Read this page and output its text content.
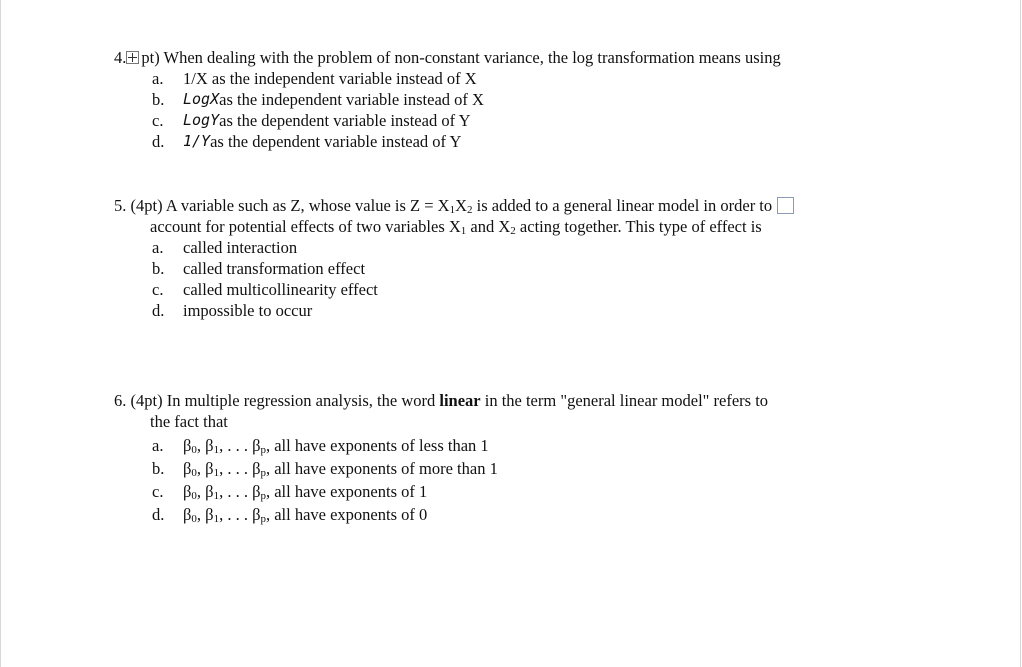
4. pt) When dealing with the problem of non-constant variance, the log transformation means using
a.	1/X as the independent variable instead of X
b.	LogX as the independent variable instead of X
c.	LogY as the dependent variable instead of Y
d.	1/Y as the dependent variable instead of Y
5. (4pt) A variable such as Z, whose value is $Z = X_1X_2$ is added to a general linear model in order to
account for potential effects of two variables $X_1$ and $X_2$ acting together. This type of effect is
a.	called interaction
b.	called transformation effect
c.	called multicollinearity effect
d.	impossible to occur
6. (4pt) In multiple regression analysis, the word linear in the term "general linear model" refers to
the fact that
a.	$\beta_0$, $\beta_1$, . . . $\beta_p$, all have exponents of less than 1
b.	$\beta_0$, $\beta_1$, . . . $\beta_p$, all have exponents of more than 1
c.	$\beta_0$, $\beta_1$, . . . $\beta_p$, all have exponents of 1
d.	$\beta_0$, $\beta_1$, . . . $\beta_p$, all have exponents of 0
